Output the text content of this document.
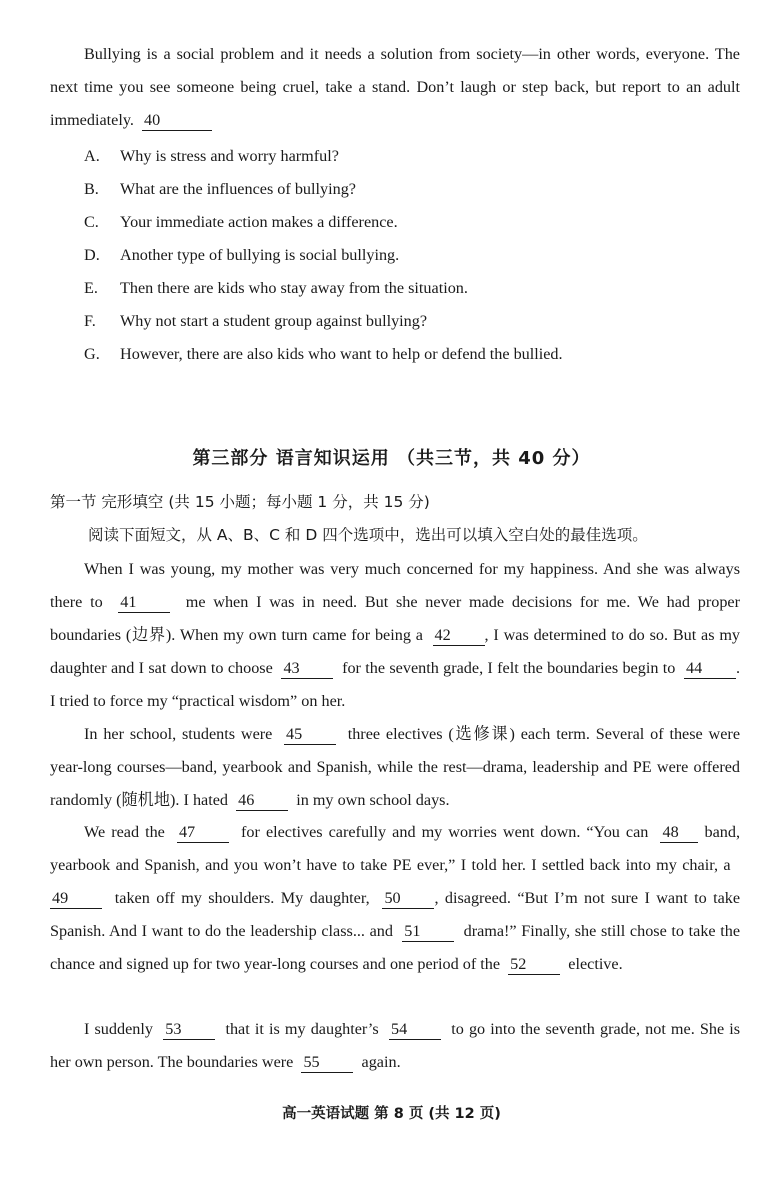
Bullying is a social problem and it needs a solution from society—in other words, everyone. The next time you see someone being cruel, take a stand. Don’t laugh or step back, but report to an adult immediately. 40

A. Why is stress and worry harmful?
B. What are the influences of bullying?
C. Your immediate action makes a difference.
D. Another type of bullying is social bullying.
E. Then there are kids who stay away from the situation.
F. Why not start a student group against bullying?
G. However, there are also kids who want to help or defend the bullied.
第三部分 语言知识运用 （共三节，共 40 分）
第一节 完形填空 (共 15 小题；每小题 1 分，共 15 分)
阅读下面短文，从 A、B、C 和 D 四个选项中，选出可以填入空白处的最佳选项。

When I was young, my mother was very much concerned for my happiness. And she was always there to 41	me when I was in need. But she never made decisions for me. We had proper boundaries (边界). When my own turn came for being a 42 , I was determined to do so. But as my daughter and I sat down to choose 43	for the seventh grade, I felt the boundaries begin to 44 . I tried to force my “practical wisdom” on her.

In her school, students were 45	three electives (选修课) each term. Several of these were year-long courses—band, yearbook and Spanish, while the rest—drama, leadership and PE were offered randomly (随机地). I hated 46	in my own school days.

We read the 47	for electives carefully and my worries went down. “You can 48 band, yearbook and Spanish, and you won’t have to take PE ever,” I told her. I settled back into my chair, a  49	taken off my shoulders. My daughter, 50 , disagreed. “But I’m not sure I want to take Spanish. And I want to do the leadership class... and 51	drama!” Finally, she still chose to take the chance and signed up for two year-long courses and one period of the 52	elective.

I suddenly 53	that it is my daughter’s 54	to go into the seventh grade, not me. She is her own person. The boundaries were 55	again.

高一英语试题 第 8 页 (共 12 页)
